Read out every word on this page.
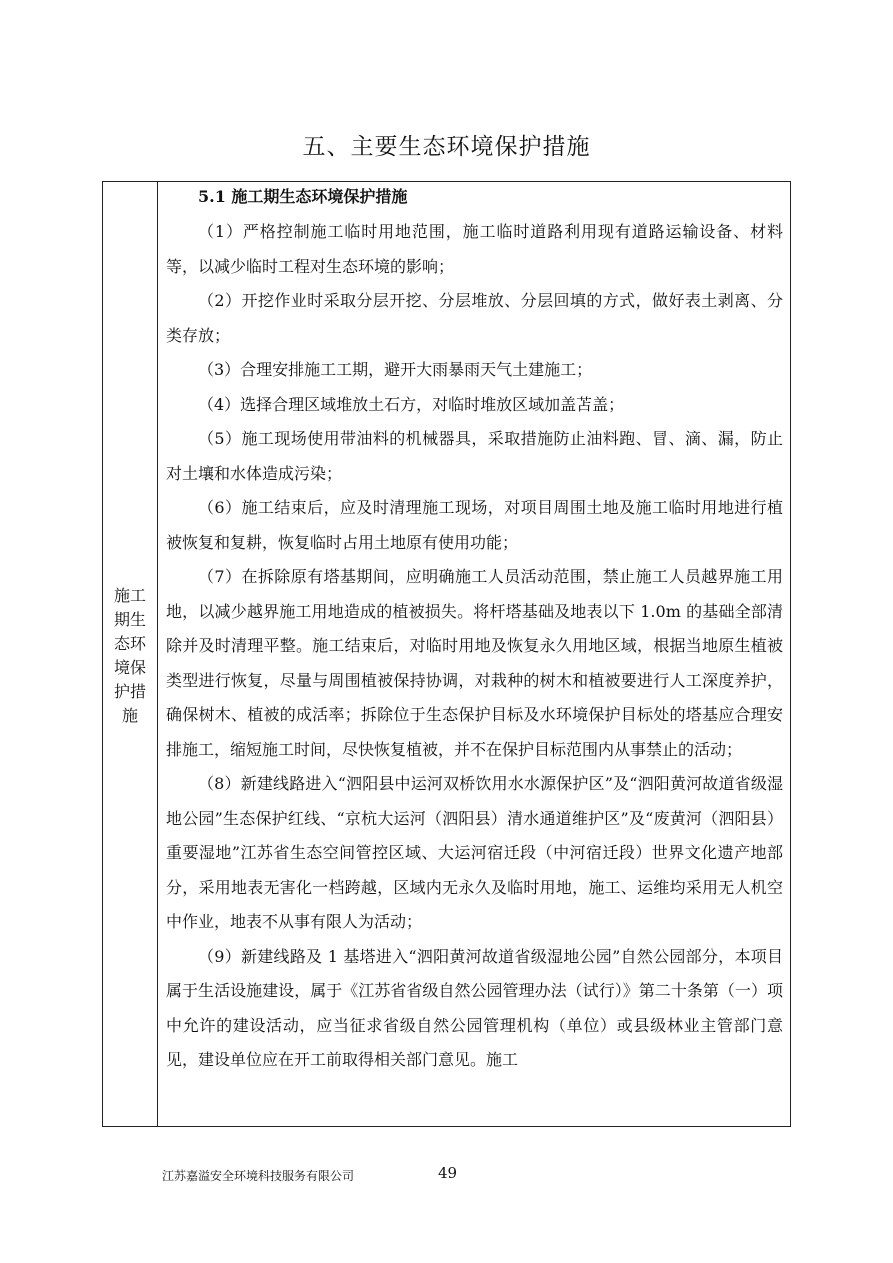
五、主要生态环境保护措施
施工
期生
态环
境保
护措
施

5.1 施工期生态环境保护措施

（1）严格控制施工临时用地范围，施工临时道路利用现有道路运输设备、材料等，以减少临时工程对生态环境的影响；

（2）开挖作业时采取分层开挖、分层堆放、分层回填的方式，做好表土剥离、分类存放；

（3）合理安排施工工期，避开大雨暴雨天气土建施工；

（4）选择合理区域堆放土石方，对临时堆放区域加盖苫盖；

（5）施工现场使用带油料的机械器具，采取措施防止油料跑、冒、滴、漏，防止对土壤和水体造成污染；

（6）施工结束后，应及时清理施工现场，对项目周围土地及施工临时用地进行植被恢复和复耕，恢复临时占用土地原有使用功能；

（7）在拆除原有塔基期间，应明确施工人员活动范围，禁止施工人员越界施工用地，以减少越界施工用地造成的植被损失。将杆塔基础及地表以下 1.0m 的基础全部清除并及时清理平整。施工结束后，对临时用地及恢复永久用地区域，根据当地原生植被类型进行恢复，尽量与周围植被保持协调，对栽种的树木和植被要进行人工深度养护，确保树木、植被的成活率；拆除位于生态保护目标及水环境保护目标处的塔基应合理安排施工，缩短施工时间，尽快恢复植被，并不在保护目标范围内从事禁止的活动；

（8）新建线路进入“泗阳县中运河双桥饮用水水源保护区”及“泗阳黄河故道省级湿地公园”生态保护红线、“京杭大运河（泗阳县）清水通道维护区”及“废黄河（泗阳县）重要湿地”江苏省生态空间管控区域、大运河宿迁段（中河宿迁段）世界文化遗产地部分，采用地表无害化一档跨越，区域内无永久及临时用地，施工、运维均采用无人机空中作业，地表不从事有限人为活动；

（9）新建线路及 1 基塔进入“泗阳黄河故道省级湿地公园”自然公园部分，本项目属于生活设施建设，属于《江苏省省级自然公园管理办法（试行）》第二十条第（一）项中允许的建设活动，应当征求省级自然公园管理机构（单位）或县级林业主管部门意见，建设单位应在开工前取得相关部门意见。施工

江苏嘉溢安全环境科技服务有限公司	49
